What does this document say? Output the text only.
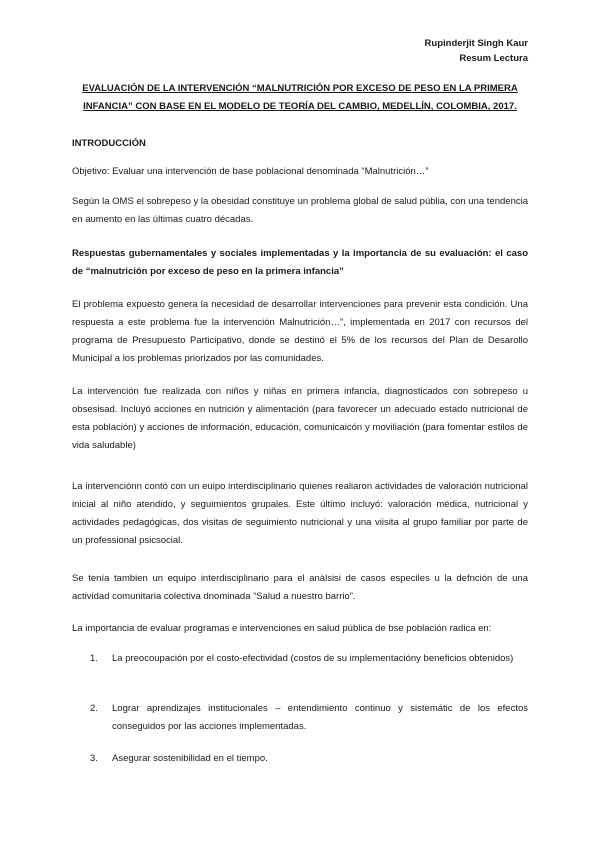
Rupinderjit Singh Kaur
Resum Lectura
EVALUACIÓN DE LA INTERVENCIÓN “MALNUTRICIÓN POR EXCESO DE PESO EN LA PRIMERA INFANCIA” CON BASE EN EL MODELO DE TEORÍA DEL CAMBIO, MEDELLÍN, COLOMBIA, 2017.
INTRODUCCIÓN
Objetivo: Evaluar una intervención de base poblacional denominada “Malnutrición…”
Según la OMS el sobrepeso y la obesidad constituye un problema global de salud públia, con una tendencia en aumento en las últimas cuatro décadas.
Respuestas gubernamentales y sociales implementadas y la importancia de su evaluación: el caso de “malnutrición por exceso de peso en la primera infancia”
El problema expuesto genera la necesidad de desarrollar intervenciones para prevenir esta condición. Una respuesta a este problema fue la intervención Malnutrición…”, implementada en 2017 con recursos del programa de Presupuesto Participativo, donde se destinó el 5% de los recursos del Plan de Desarollo Municipal a los problemas priorizados por las comunidades.
La intervención fue realizada con niños y niñas en primera infancia, diagnosticados con sobrepeso u obsesisad. Incluyó acciones en nutrición y alimentación (para favorecer un adecuado estado nutricional de esta población) y acciones de información, educación, comunicaicón y moviliación (para fomentar estilos de vida saludable)
La intervenciónn contó con un euipo interdisciplinario quienes realiaron actividades de valoración nutricional inicial al niño atendido, y seguimientos grupales. Este último incluyó: valoración médica, nutricional y actividades pedagógicas, dos visitas de seguimiento nutricional y una viisita al grupo familiar por parte de un professional psicsocial.
Se tenía tambien un equipo interdisciplinario para el anàlsisi de casos especiles u la defnción de una actividad comunitaria colectiva dnominada “Salud a nuestro barrio”.
La importancia de evaluar programas e intervenciones en salud pública de bse población radica en:
1.	La preocoupación por el costo-efectividad (costos de su implementacióny beneficios obtenidos)
2.	Lograr aprendizajes institucionales – entendimiento continuo y sistemátic de los efectos conseguidos por las acciones implementadas.
3.	Asegurar sostenibilidad en el tiempo.
